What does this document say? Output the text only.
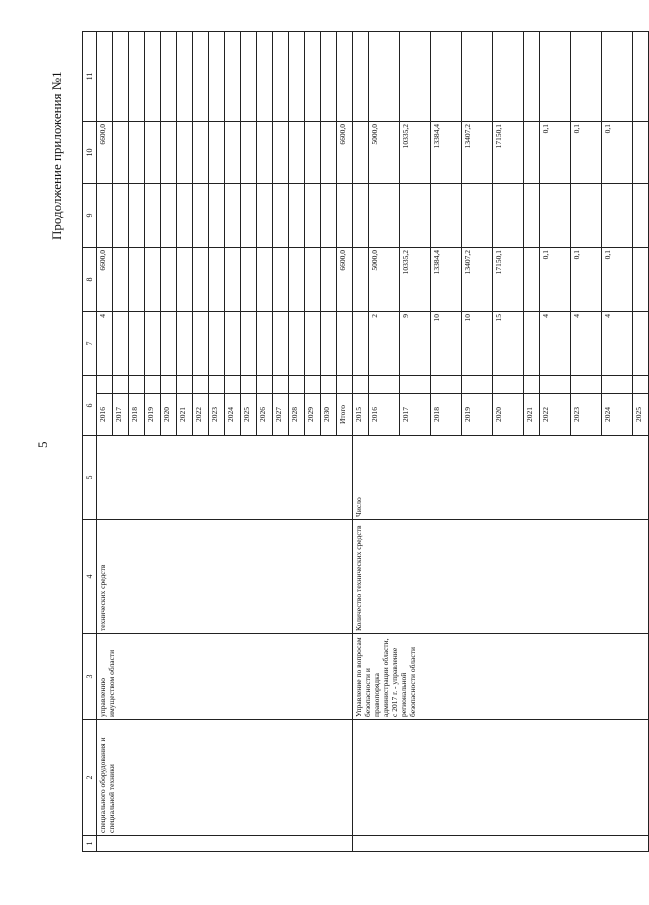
5
Продолжение приложения №1
1	2	3	4	5	6		7	8	9	10	11
	специального оборудования и специальной техники	управлению имуществом области	технических средств		2016		4	6600,0		6600,0	
					2017						
					2018						
					2019						
					2020						
					2021						
					2022						
					2023						
					2024						
					2025						
					2026						
					2027						
					2028						
					2029						
					2030						
					Итого			6600,0		6600,0	
		Управление по вопросам безопасности и правопорядка администрации области, с 2017 г. - управление региональной безопасности области	Количество технических средств	Число	2015						
					2016		2	5000,0		5000,0	
					2017		9	10335,2		10335,2	
					2018		10	13384,4		13384,4	
					2019		10	13407,2		13407,2	
					2020		15	17150,1		17150,1	
					2021						
					2022		4	0,1		0,1	
					2023		4	0,1		0,1	
					2024		4	0,1		0,1	
					2025						
